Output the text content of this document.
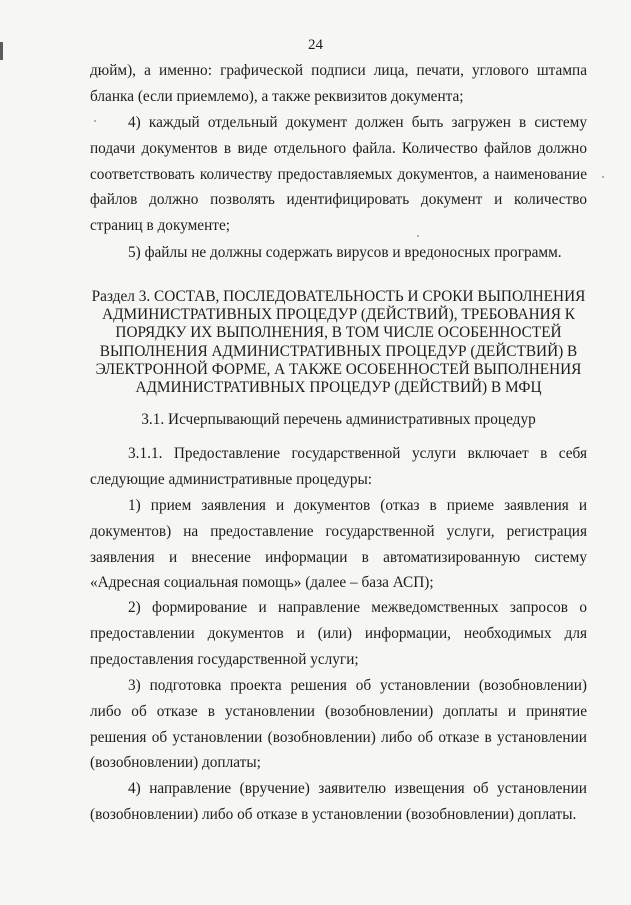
24
дюйм), а именно: графической подписи лица, печати, углового штампа бланка (если приемлемо), а также реквизитов документа;
4) каждый отдельный документ должен быть загружен в систему подачи документов в виде отдельного файла. Количество файлов должно соответствовать количеству предоставляемых документов, а наименование файлов должно позволять идентифицировать документ и количество страниц в документе;
5) файлы не должны содержать вирусов и вредоносных программ.
Раздел 3. СОСТАВ, ПОСЛЕДОВАТЕЛЬНОСТЬ И СРОКИ ВЫПОЛНЕНИЯ АДМИНИСТРАТИВНЫХ ПРОЦЕДУР (ДЕЙСТВИЙ), ТРЕБОВАНИЯ К ПОРЯДКУ ИХ ВЫПОЛНЕНИЯ, В ТОМ ЧИСЛЕ ОСОБЕННОСТЕЙ ВЫПОЛНЕНИЯ АДМИНИСТРАТИВНЫХ ПРОЦЕДУР (ДЕЙСТВИЙ) В ЭЛЕКТРОННОЙ ФОРМЕ, А ТАКЖЕ ОСОБЕННОСТЕЙ ВЫПОЛНЕНИЯ АДМИНИСТРАТИВНЫХ ПРОЦЕДУР (ДЕЙСТВИЙ) В МФЦ
3.1. Исчерпывающий перечень административных процедур
3.1.1. Предоставление государственной услуги включает в себя следующие административные процедуры:
1) прием заявления и документов (отказ в приеме заявления и документов) на предоставление государственной услуги, регистрация заявления и внесение информации в автоматизированную систему «Адресная социальная помощь» (далее – база АСП);
2) формирование и направление межведомственных запросов о предоставлении документов и (или) информации, необходимых для предоставления государственной услуги;
3) подготовка проекта решения об установлении (возобновлении) либо об отказе в установлении (возобновлении) доплаты и принятие решения об установлении (возобновлении) либо об отказе в установлении (возобновлении) доплаты;
4) направление (вручение) заявителю извещения об установлении (возобновлении) либо об отказе в установлении (возобновлении) доплаты.
